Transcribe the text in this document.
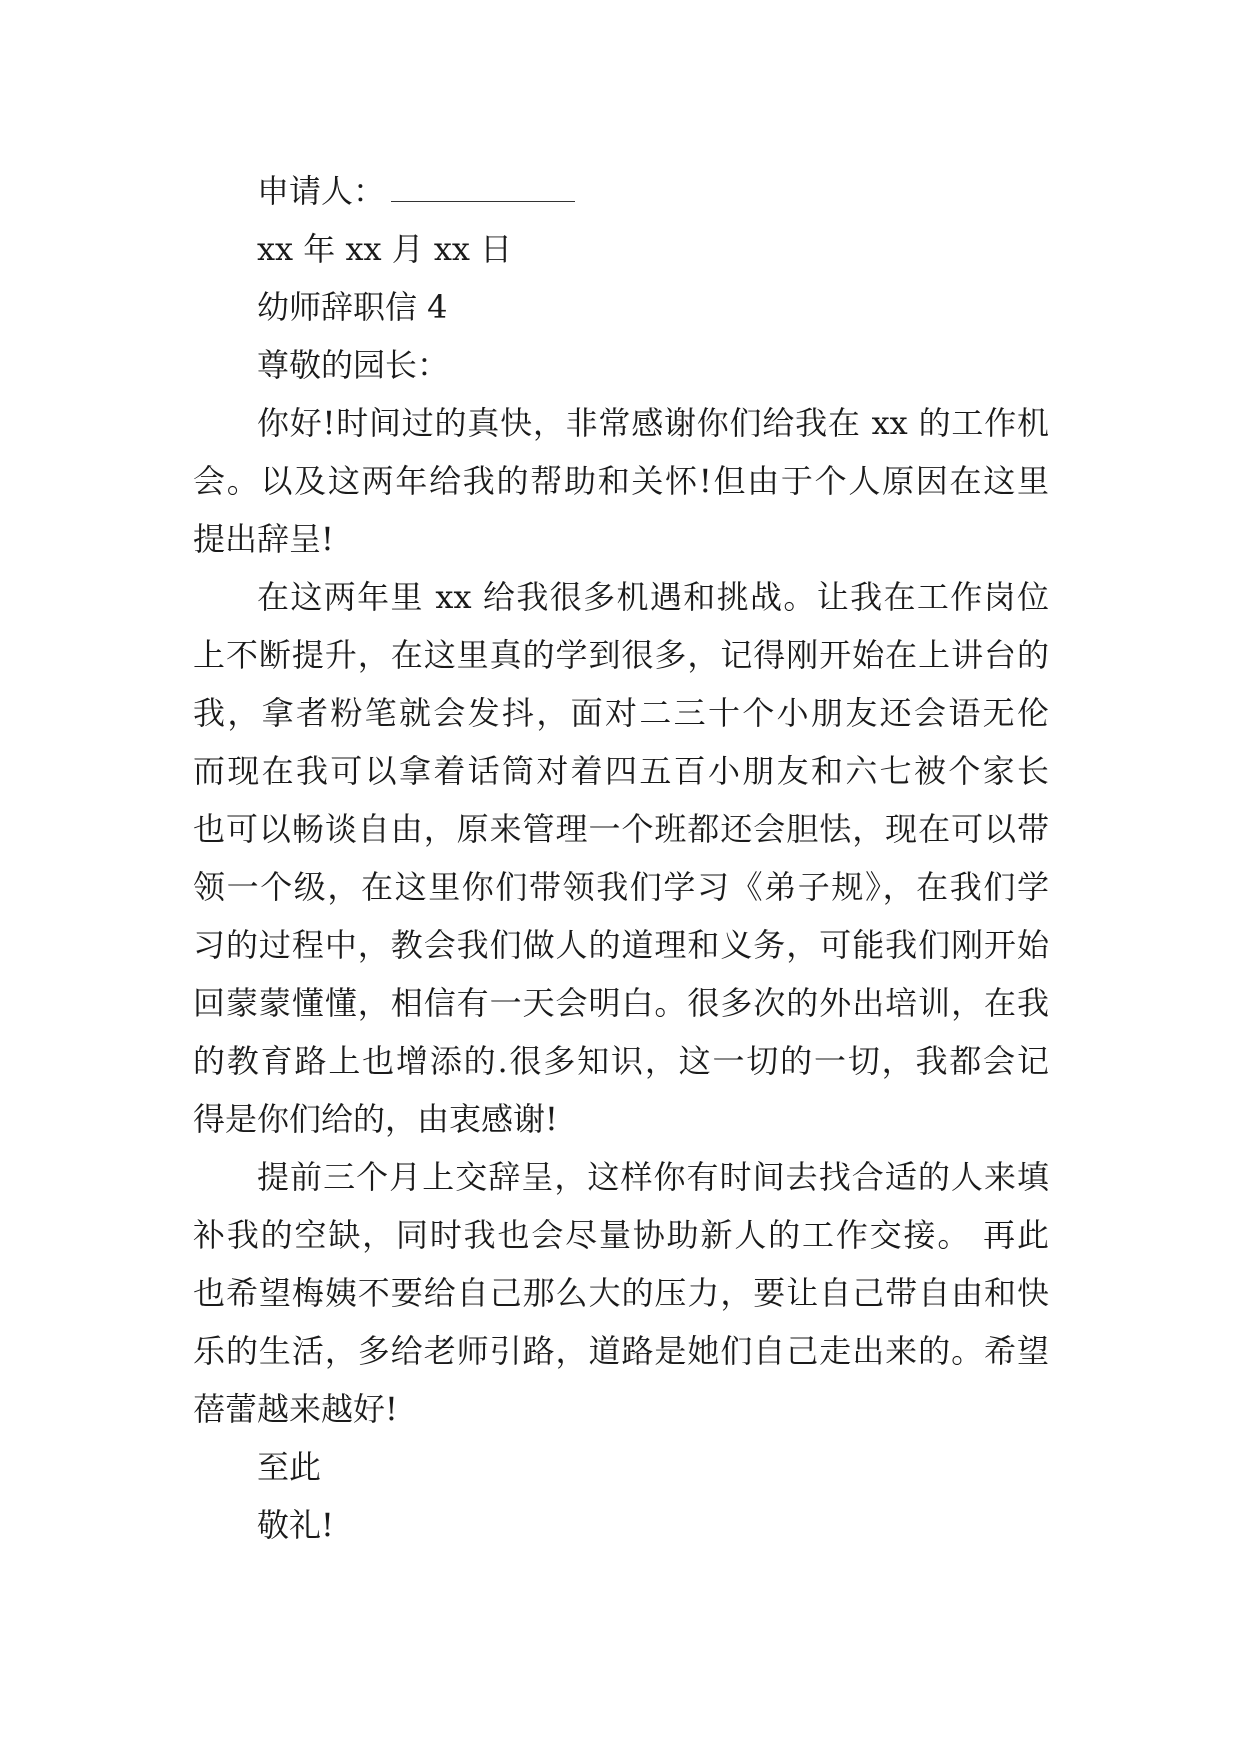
申请人：
xx 年 xx 月 xx 日
幼师辞职信 4
尊敬的园长：
你好!时间过的真快，非常感谢你们给我在 xx 的工作机
会。以及这两年给我的帮助和关怀!但由于个人原因在这里
提出辞呈!
在这两年里 xx 给我很多机遇和挑战。让我在工作岗位
上不断提升，在这里真的学到很多，记得刚开始在上讲台的
我，拿者粉笔就会发抖，面对二三十个小朋友还会语无伦
而现在我可以拿着话筒对着四五百小朋友和六七被个家长
也可以畅谈自由，原来管理一个班都还会胆怯，现在可以带
领一个级，在这里你们带领我们学习《弟子规》，在我们学
习的过程中，教会我们做人的道理和义务，可能我们刚开始
回蒙蒙懂懂，相信有一天会明白。很多次的外出培训，在我
的教育路上也增添的.很多知识，这一切的一切，我都会记
得是你们给的，由衷感谢!
提前三个月上交辞呈，这样你有时间去找合适的人来填
补我的空缺，同时我也会尽量协助新人的工作交接。 再此
也希望梅姨不要给自己那么大的压力，要让自己带自由和快
乐的生活，多给老师引路，道路是她们自己走出来的。希望
蓓蕾越来越好!
至此
敬礼!
